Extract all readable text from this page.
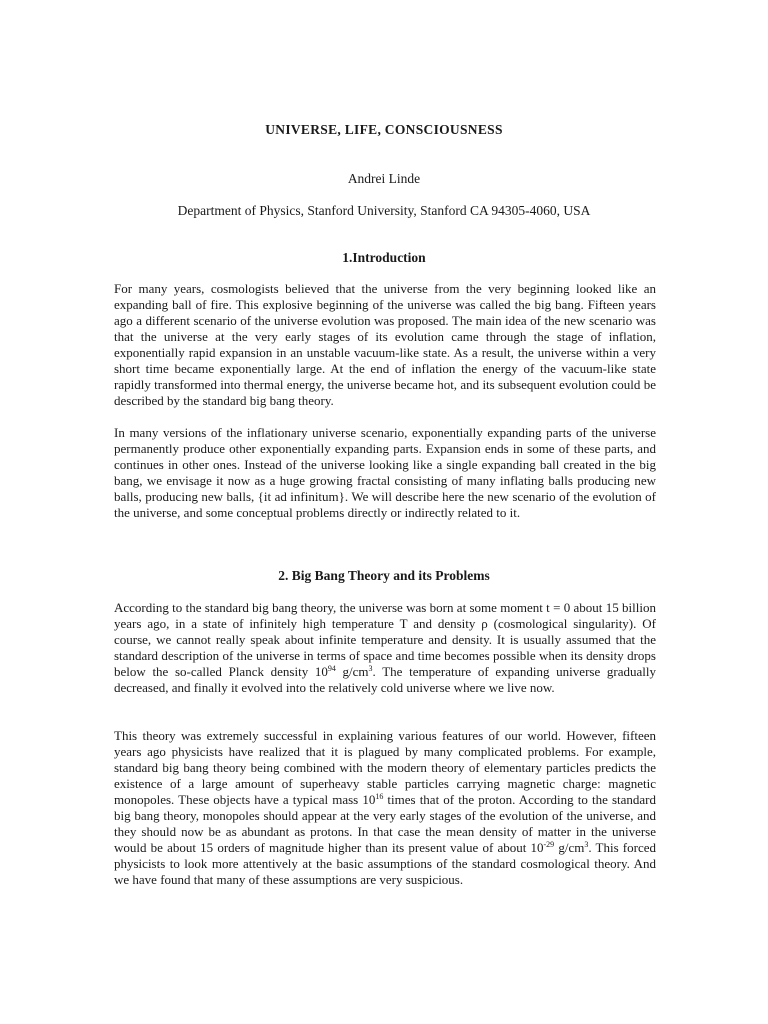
UNIVERSE, LIFE, CONSCIOUSNESS
Andrei Linde
Department of Physics, Stanford University, Stanford CA 94305-4060, USA
1.Introduction

For many years, cosmologists believed that the universe from the very beginning looked like an expanding ball of fire. This explosive beginning of the universe was called the big bang. Fifteen years ago a different scenario of the universe evolution was proposed. The main idea of the new scenario was that the universe at the very early stages of its evolution came through the stage of inflation, exponentially rapid expansion in an unstable vacuum-like state. As a result, the universe within a very short time became exponentially large. At the end of inflation the energy of the vacuum-like state rapidly transformed into thermal energy, the universe became hot, and its subsequent evolution could be described by the standard big bang theory.

In many versions of the inflationary universe scenario, exponentially expanding parts of the universe permanently produce other exponentially expanding parts. Expansion ends in some of these parts, and continues in other ones. Instead of the universe looking like a single expanding ball created in the big bang, we envisage it now as a huge growing fractal consisting of many inflating balls producing new balls, producing new balls, {it ad infinitum}. We will describe here the new scenario of the evolution of the universe, and some conceptual problems directly or indirectly related to it.

2. Big Bang Theory and its Problems

According to the standard big bang theory, the universe was born at some moment t = 0 about 15 billion years ago, in a state of infinitely high temperature T and density ρ (cosmological singularity). Of course, we cannot really speak about infinite temperature and density. It is usually assumed that the standard description of the universe in terms of space and time becomes possible when its density drops below the so-called Planck density $10^{94}$ $g/cm^3$. The temperature of expanding universe gradually decreased, and finally it evolved into the relatively cold universe where we live now.

This theory was extremely successful in explaining various features of our world. However, fifteen years ago physicists have realized that it is plagued by many complicated problems. For example, standard big bang theory being combined with the modern theory of elementary particles predicts the existence of a large amount of superheavy stable particles carrying magnetic charge: magnetic monopoles. These objects have a typical mass $10^{16}$ times that of the proton. According to the standard big bang theory, monopoles should appear at the very early stages of the evolution of the universe, and they should now be as abundant as protons. In that case the mean density of matter in the universe would be about 15 orders of magnitude higher than its present value of about $10^{-29}$ $g/cm^3$. This forced physicists to look more attentively at the basic assumptions of the standard cosmological theory. And we have found that many of these assumptions are very suspicious.
